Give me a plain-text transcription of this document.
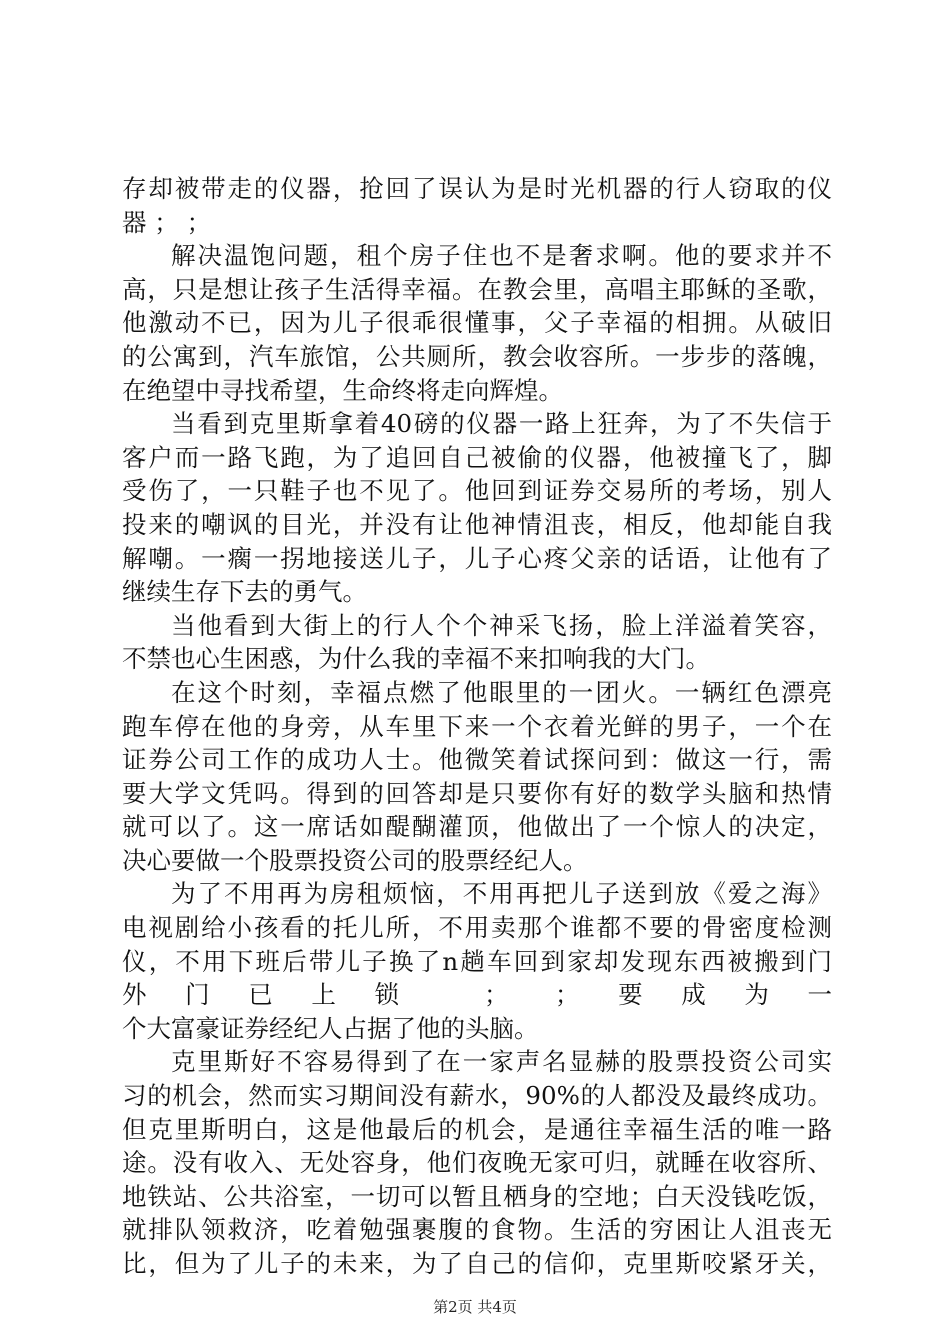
存却被带走的仪器，抢回了误认为是时光机器的行人窃取的仪
器 ； ；
解决温饱问题，租个房子住也不是奢求啊。他的要求并不
高，只是想让孩子生活得幸福。在教会里，高唱主耶稣的圣歌，
他激动不已，因为儿子很乖很懂事，父子幸福的相拥。从破旧
的公寓到，汽车旅馆，公共厕所，教会收容所。一步步的落魄，
在绝望中寻找希望，生命终将走向辉煌。
当看到克里斯拿着40磅的仪器一路上狂奔，为了不失信于
客户而一路飞跑，为了追回自己被偷的仪器，他被撞飞了，脚
受伤了，一只鞋子也不见了。他回到证券交易所的考场，别人
投来的嘲讽的目光，并没有让他神情沮丧，相反，他却能自我
解嘲。一瘸一拐地接送儿子，儿子心疼父亲的话语，让他有了
继续生存下去的勇气。
当他看到大街上的行人个个神采飞扬，脸上洋溢着笑容，
不禁也心生困惑，为什么我的幸福不来扣响我的大门。
在这个时刻，幸福点燃了他眼里的一团火。一辆红色漂亮
跑车停在他的身旁，从车里下来一个衣着光鲜的男子，一个在
证券公司工作的成功人士。他微笑着试探问到：做这一行，需
要大学文凭吗。得到的回答却是只要你有好的数学头脑和热情
就可以了。这一席话如醍醐灌顶，他做出了一个惊人的决定，
决心要做一个股票投资公司的股票经纪人。
为了不用再为房租烦恼，不用再把儿子送到放《爱之海》
电视剧给小孩看的托儿所，不用卖那个谁都不要的骨密度检测
仪，不用下班后带儿子换了n趟车回到家却发现东西被搬到门
外门已上锁 ； ；要成为一
个大富豪证券经纪人占据了他的头脑。
克里斯好不容易得到了在一家声名显赫的股票投资公司实
习的机会，然而实习期间没有薪水，90%的人都没及最终成功。
但克里斯明白，这是他最后的机会，是通往幸福生活的唯一路
途。没有收入、无处容身，他们夜晚无家可归，就睡在收容所、
地铁站、公共浴室，一切可以暂且栖身的空地；白天没钱吃饭，
就排队领救济，吃着勉强裹腹的食物。生活的穷困让人沮丧无
比，但为了儿子的未来，为了自己的信仰，克里斯咬紧牙关，
第2页 共4页
